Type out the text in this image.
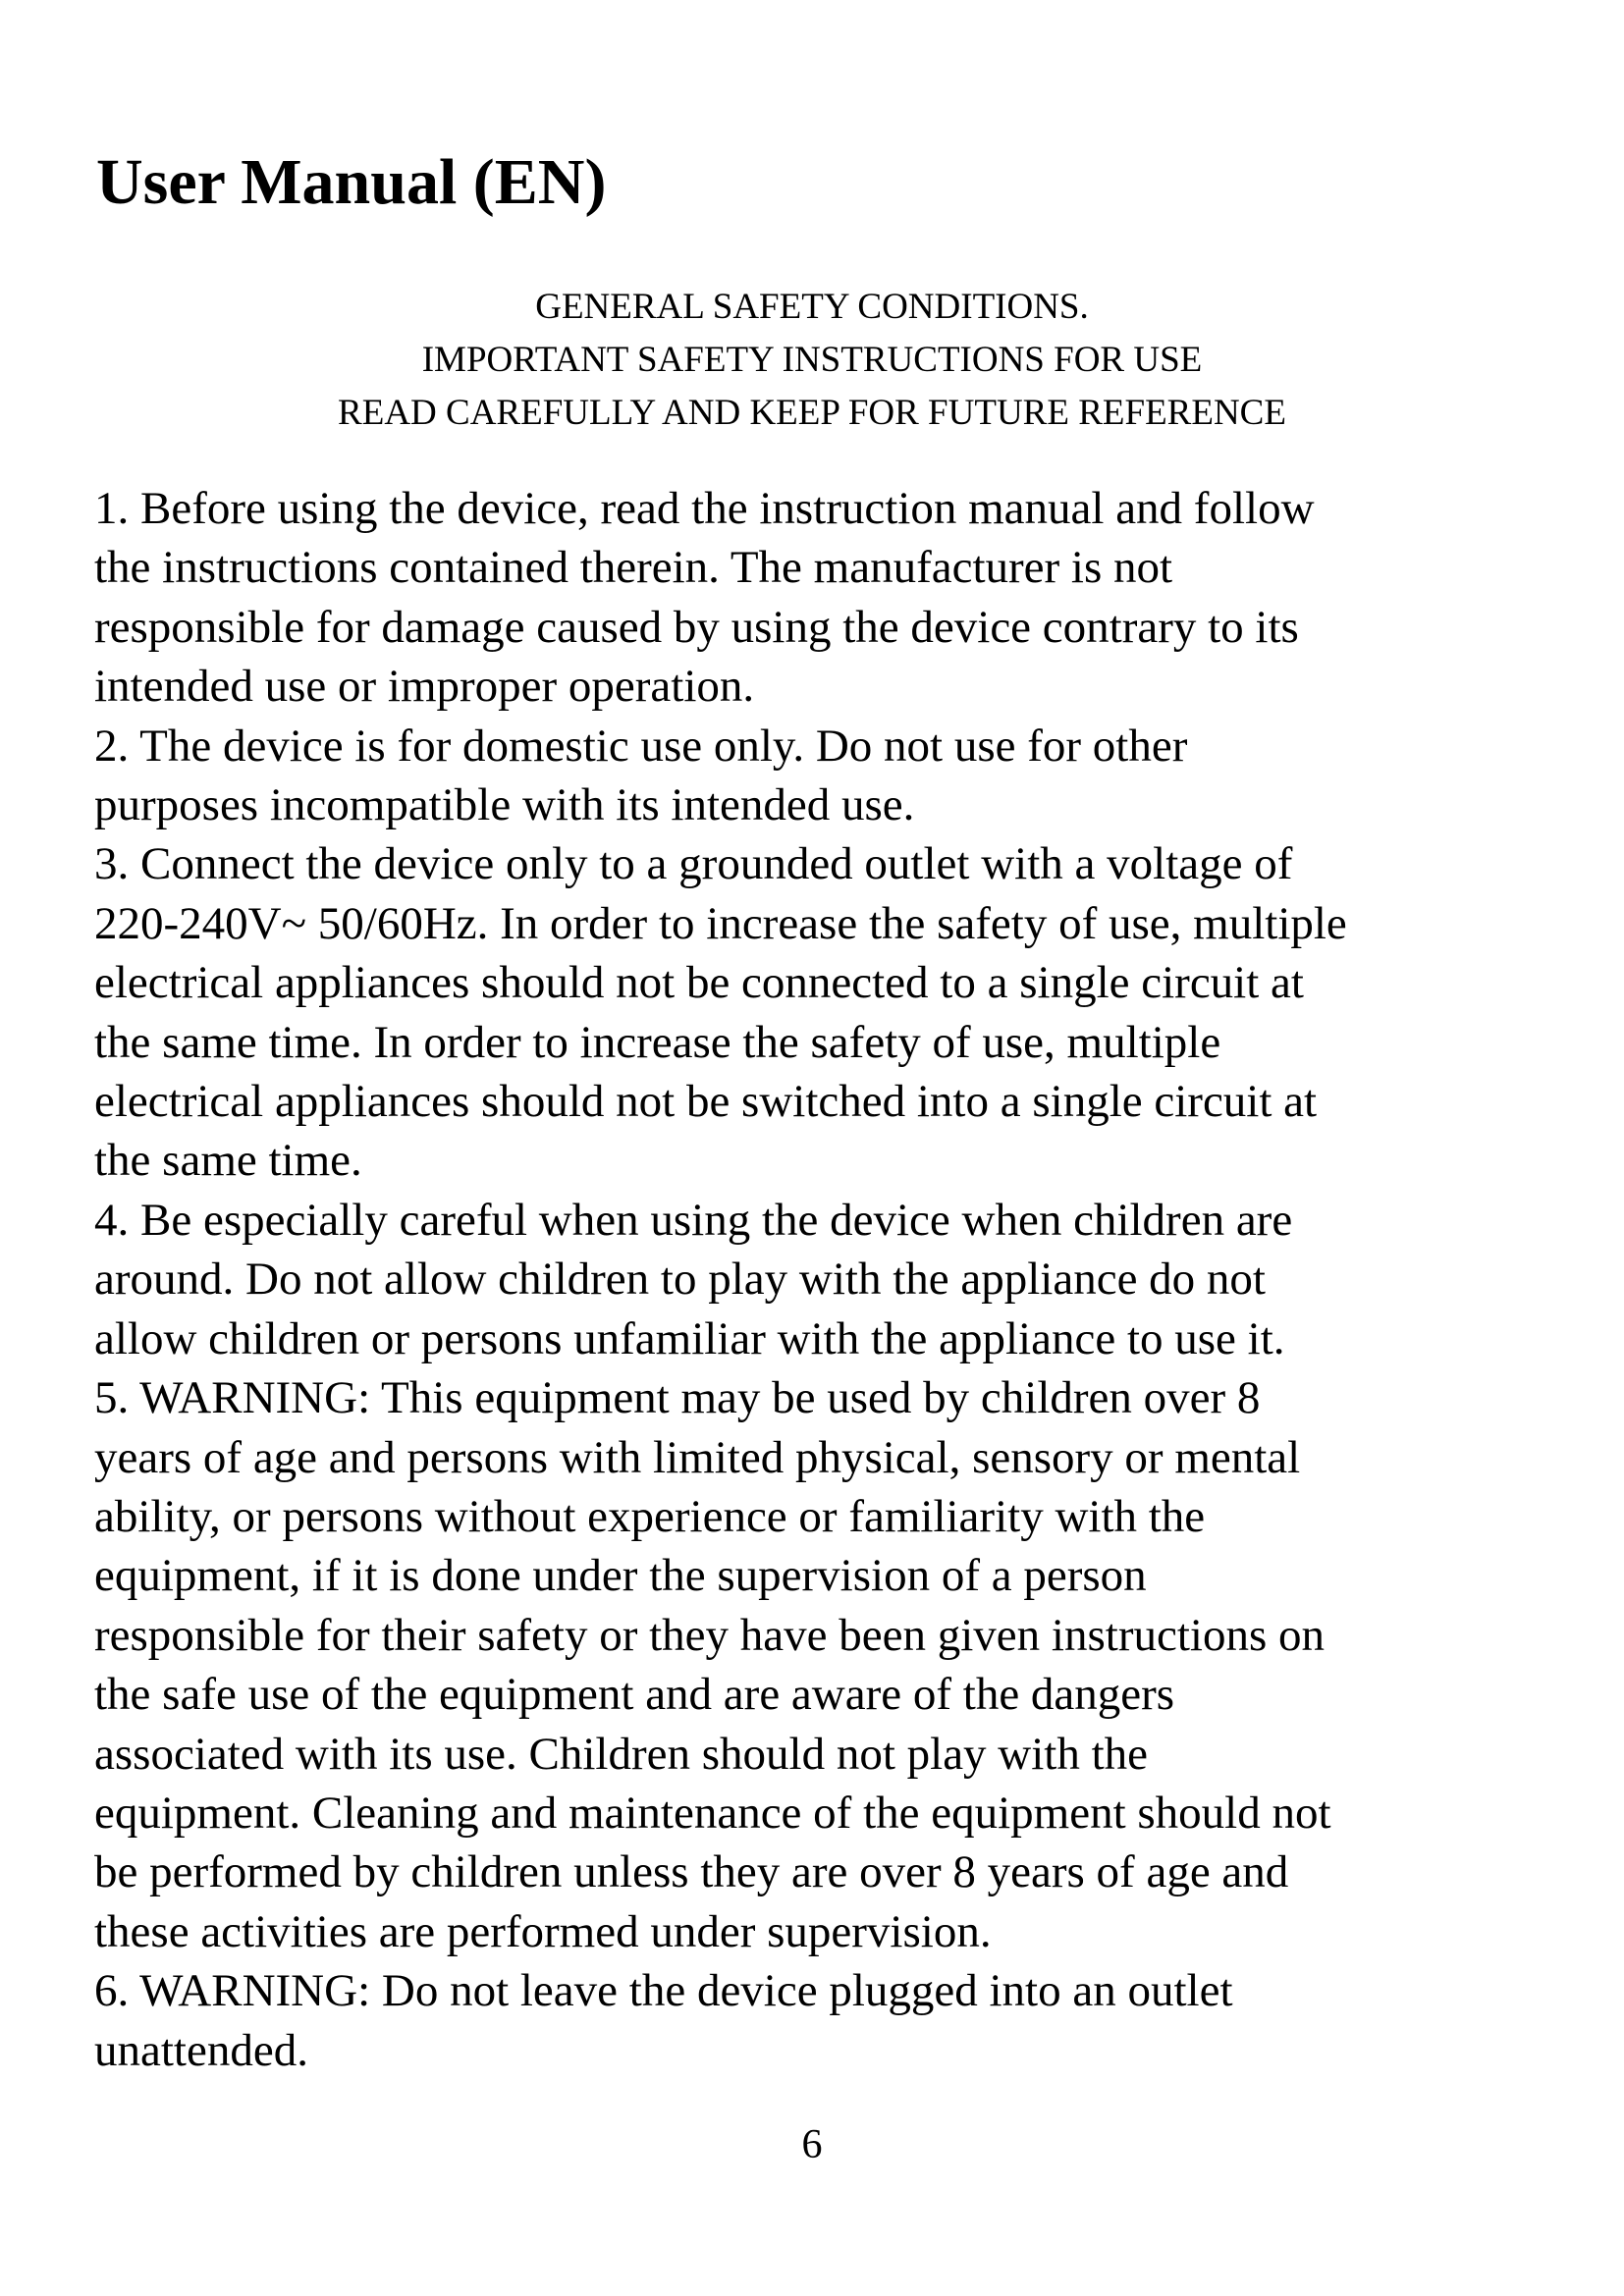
User Manual (EN)
GENERAL SAFETY CONDITIONS.
IMPORTANT SAFETY INSTRUCTIONS FOR USE
READ CAREFULLY AND KEEP FOR FUTURE REFERENCE

1. Before using the device, read the instruction manual and follow
the instructions contained therein. The manufacturer is not
responsible for damage caused by using the device contrary to its
intended use or improper operation.

2. The device is for domestic use only. Do not use for other
purposes incompatible with its intended use.

3. Connect the device only to a grounded outlet with a voltage of
220-240V~ 50/60Hz. In order to increase the safety of use, multiple
electrical appliances should not be connected to a single circuit at
the same time. In order to increase the safety of use, multiple
electrical appliances should not be switched into a single circuit at
the same time.

4. Be especially careful when using the device when children are
around. Do not allow children to play with the appliance do not
allow children or persons unfamiliar with the appliance to use it.

5. WARNING: This equipment may be used by children over 8
years of age and persons with limited physical, sensory or mental
ability, or persons without experience or familiarity with the
equipment, if it is done under the supervision of a person
responsible for their safety or they have been given instructions on
the safe use of the equipment and are aware of the dangers
associated with its use. Children should not play with the
equipment. Cleaning and maintenance of the equipment should not
be performed by children unless they are over 8 years of age and
these activities are performed under supervision.

6. WARNING: Do not leave the device plugged into an outlet
unattended.

6
